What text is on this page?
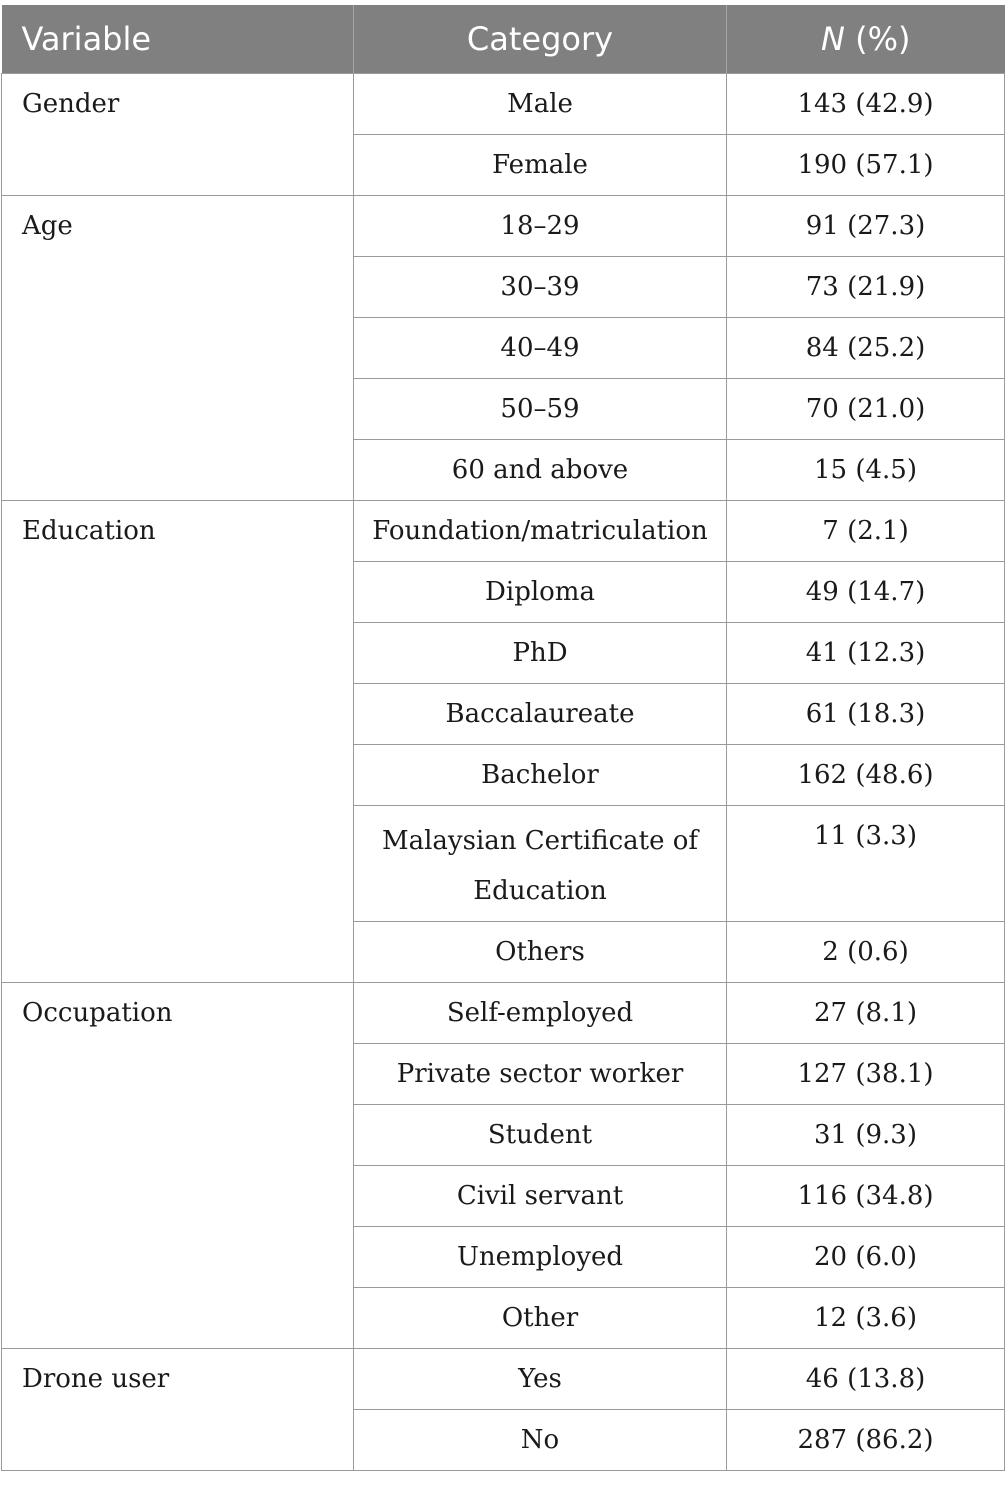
Variable	Category	N (%)
Gender	Male	143 (42.9)
	Female	190 (57.1)
Age	18–29	91 (27.3)
	30–39	73 (21.9)
	40–49	84 (25.2)
	50–59	70 (21.0)
	60 and above	15 (4.5)
Education	Foundation/matriculation	7 (2.1)
	Diploma	49 (14.7)
	PhD	41 (12.3)
	Baccalaureate	61 (18.3)
	Bachelor	162 (48.6)

	Malaysian Certificate of Education	11 (3.3)
	Others	2 (0.6)
Occupation	Self-employed	27 (8.1)
	Private sector worker	127 (38.1)
	Student	31 (9.3)
	Civil servant	116 (34.8)
	Unemployed	20 (6.0)
	Other	12 (3.6)
Drone user	Yes	46 (13.8)
	No	287 (86.2)
